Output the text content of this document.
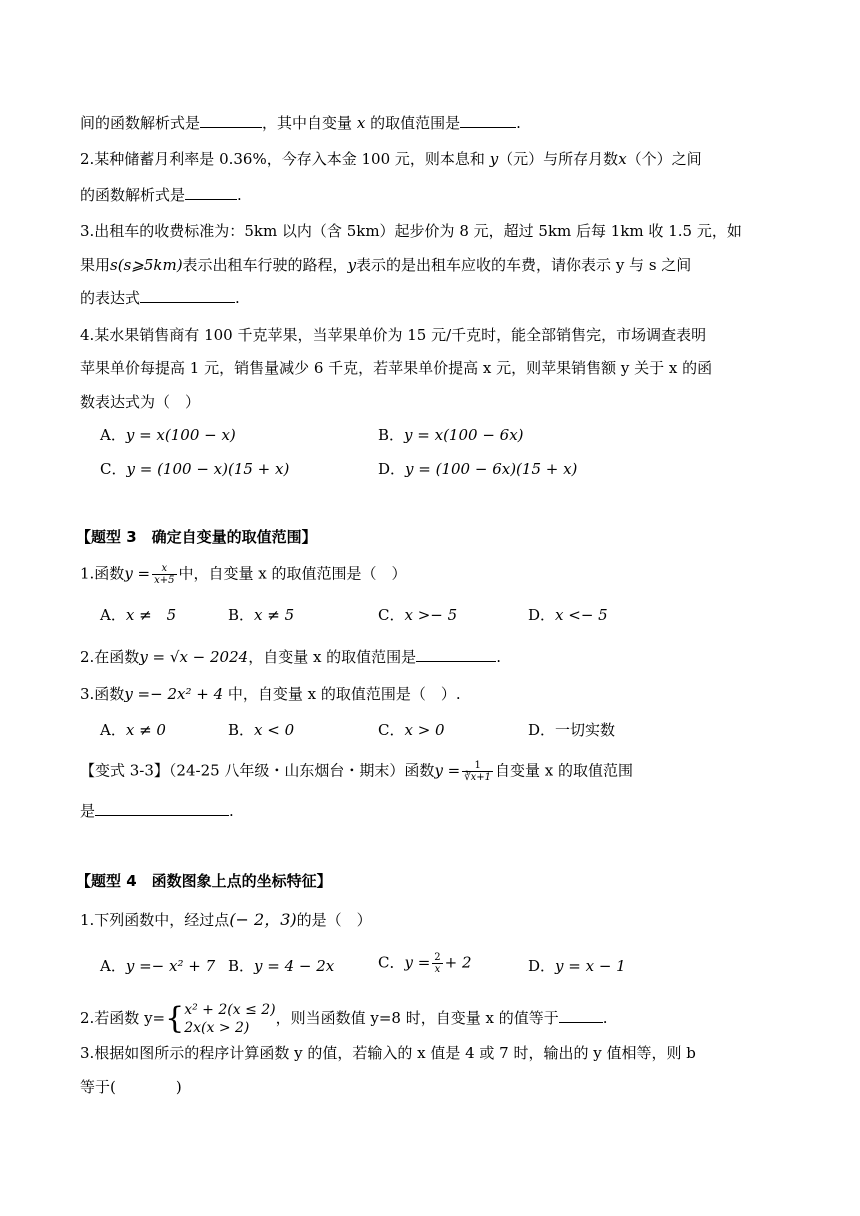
间的函数解析式是	，其中自变量 x 的取值范围是	.
2.某种储蓄月利率是 0.36%，今存入本金 100 元，则本息和 y（元）与所存月数x（个）之间
的函数解析式是	.
3.出租车的收费标准为：5km 以内（含 5km）起步价为 8 元，超过 5km 后每 1km 收 1.5 元，如
果用s(s⩾5km)表示出租车行驶的路程，y表示的是出租车应收的车费，请你表示 y 与 s 之间
的表达式	.
4.某水果销售商有 100 千克苹果，当苹果单价为 15 元/千克时，能全部销售完，市场调查表明
苹果单价每提高 1 元，销售量减少 6 千克，若苹果单价提高 x 元，则苹果销售额 y 关于 x 的函
数表达式为（　）
A．y = x(100 − x)	B．y = x(100 − 6x)
C．y = (100 − x)(15 + x)	D．y = (100 − 6x)(15 + x)
【题型 3　确定自变量的取值范围】
1.函数$y = \frac{x}{x+5}$ 中，自变量 x 的取值范围是（　）
A．x ≠　5	B．x ≠ 5	C．x >− 5	D．x <− 5
2.在函数y = √x − 2024，自变量 x 的取值范围是	.
3.函数y =− 2x² + 4 中，自变量 x 的取值范围是（　）.
A．x ≠ 0	B．x < 0	C．x > 0	D．一切实数
【变式 3-3】（24-25 八年级・山东烟台・期末）函数$y = \frac{1}{∛x+1}$ 自变量 x 的取值范围
是	.
【题型 4　函数图象上点的坐标特征】
1.下列函数中，经过点(− 2，3)的是（　）
A．y =− x² + 7 B．y = 4 − 2x	C．$y = \frac{2}{x} + 2$	D．y = x − 1
2.若函数 y={ x² + 2(x ≤ 2)
2x(x > 2)
，则当函数值 y=8 时，自变量 x 的值等于	.
3.根据如图所示的程序计算函数 y 的值，若输入的 x 值是 4 或 7 时，输出的 y 值相等，则 b
等于(　　　　)
